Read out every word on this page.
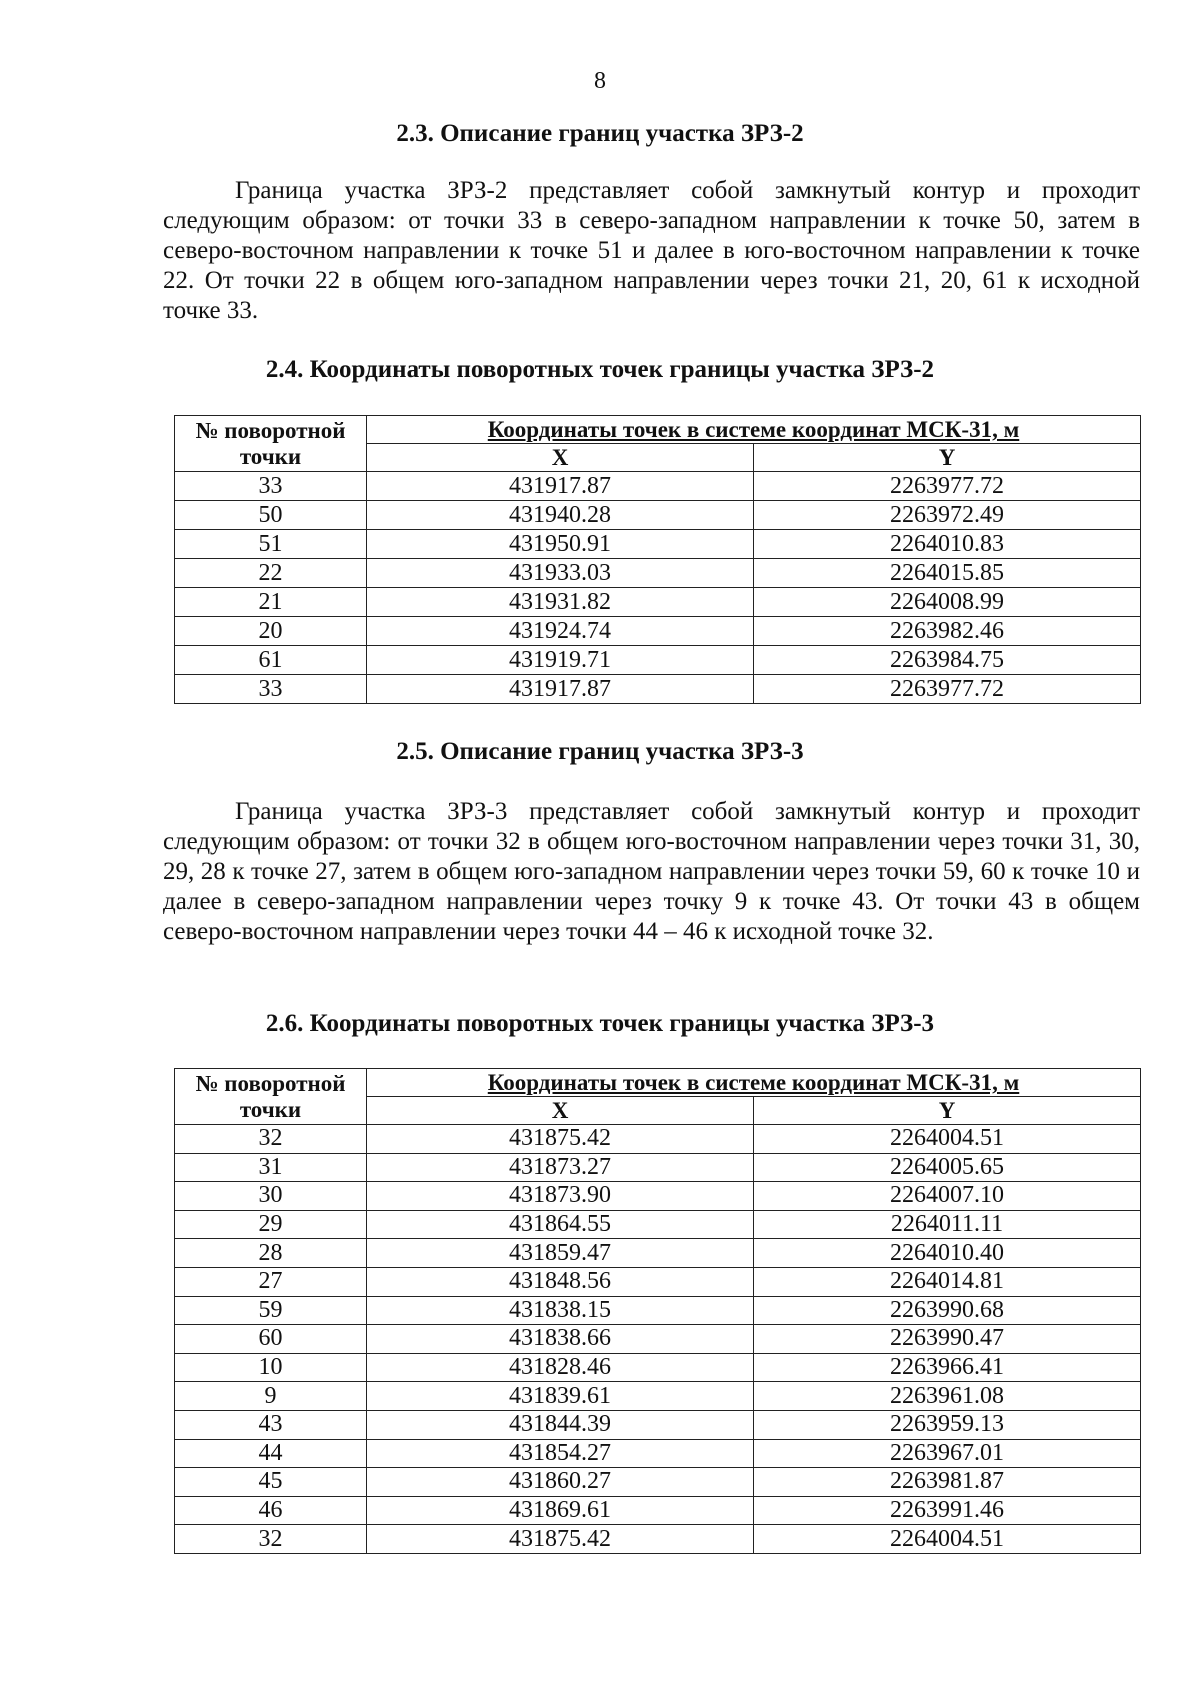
8
2.3. Описание границ участка ЗРЗ-2

Граница участка ЗРЗ-2 представляет собой замкнутый контур и проходит следующим образом: от точки 33 в северо-западном направлении к точке 50, затем в северо-восточном направлении к точке 51 и далее в юго-восточном направлении к точке 22. От точки 22 в общем юго-западном направлении через точки 21, 20, 61 к исходной точке 33.

2.4. Координаты поворотных точек границы участка ЗРЗ-2
№ поворотной точки	Координаты точек в системе координат МСК-31, м	
	X	Y
33	431917.87	2263977.72
50	431940.28	2263972.49
51	431950.91	2264010.83
22	431933.03	2264015.85
21	431931.82	2264008.99
20	431924.74	2263982.46
61	431919.71	2263984.75
33	431917.87	2263977.72
2.5. Описание границ участка ЗРЗ-3

Граница участка ЗРЗ-3 представляет собой замкнутый контур и проходит следующим образом: от точки 32 в общем юго-восточном направлении через точки 31, 30, 29, 28 к точке 27, затем в общем юго-западном направлении через точки 59, 60 к точке 10 и далее в северо-западном направлении через точку 9 к точке 43. От точки 43 в общем северо-восточном направлении через точки 44 – 46 к исходной точке 32.

2.6. Координаты поворотных точек границы участка ЗРЗ-3
№ поворотной точки	Координаты точек в системе координат МСК-31, м	
	X	Y
32	431875.42	2264004.51
31	431873.27	2264005.65
30	431873.90	2264007.10
29	431864.55	2264011.11
28	431859.47	2264010.40
27	431848.56	2264014.81
59	431838.15	2263990.68
60	431838.66	2263990.47
10	431828.46	2263966.41
9	431839.61	2263961.08
43	431844.39	2263959.13
44	431854.27	2263967.01
45	431860.27	2263981.87
46	431869.61	2263991.46
32	431875.42	2264004.51
